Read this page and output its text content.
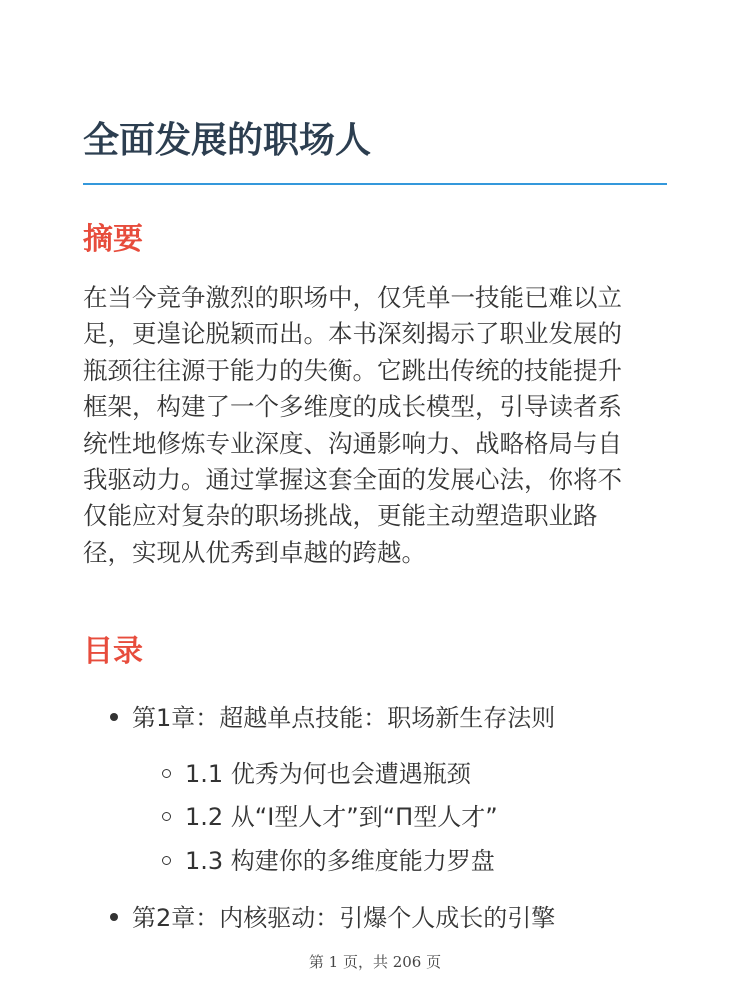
全面发展的职场人
摘要

在当今竞争激烈的职场中，仅凭单一技能已难以立
足，更遑论脱颖而出。本书深刻揭示了职业发展的
瓶颈往往源于能力的失衡。它跳出传统的技能提升
框架，构建了一个多维度的成长模型，引导读者系
统性地修炼专业深度、沟通影响力、战略格局与自
我驱动力。通过掌握这套全面的发展心法，你将不
仅能应对复杂的职场挑战，更能主动塑造职业路
径，实现从优秀到卓越的跨越。

目录
第1章：超越单点技能：职场新生存法则
1.1 优秀为何也会遭遇瓶颈
1.2 从“I型人才”到“Π型人才”
1.3 构建你的多维度能力罗盘
第2章：内核驱动：引爆个人成长的引擎
第 1 页，共 206 页
